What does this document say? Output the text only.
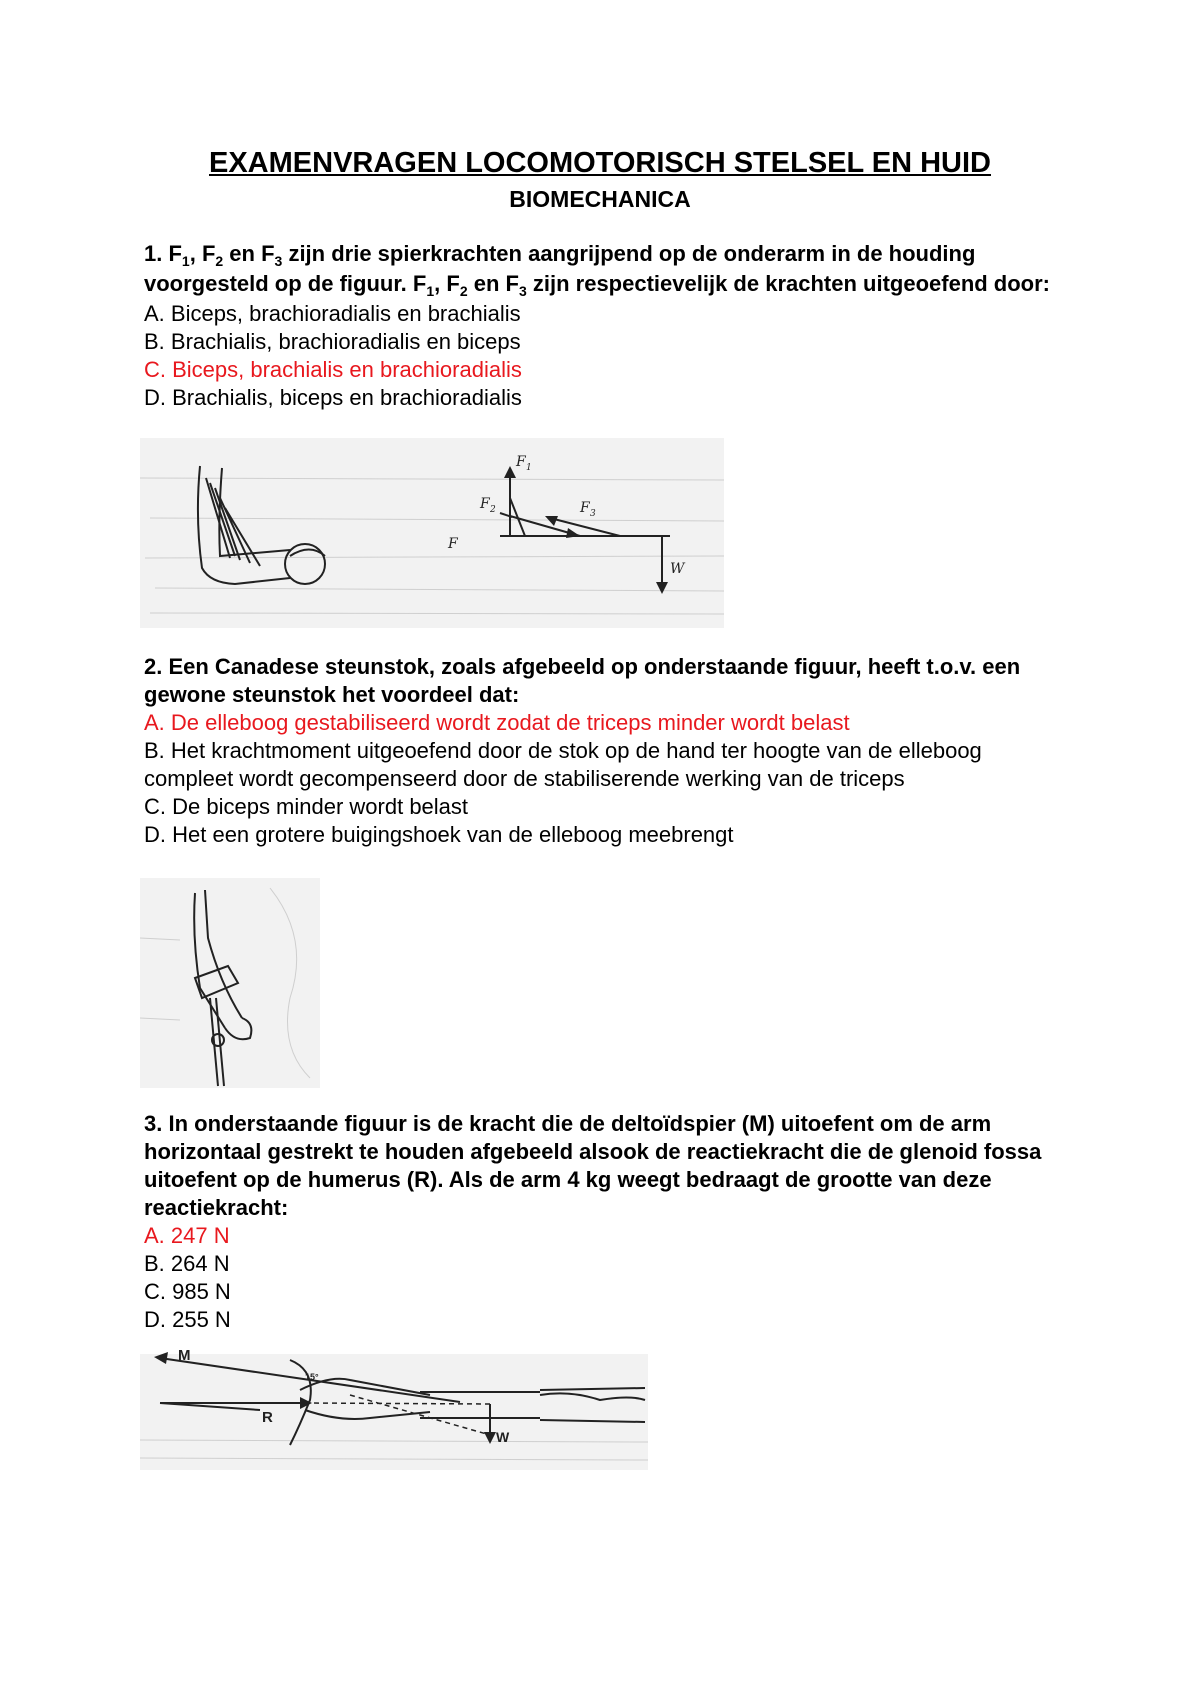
EXAMENVRAGEN LOCOMOTORISCH STELSEL EN HUID
BIOMECHANICA

1. $F_1$, $F_2$ en $F_3$ zijn drie spierkrachten aangrijpend op de onderarm in de houding voorgesteld op de figuur. $F_1$, $F_2$ en $F_3$ zijn respectievelijk de krachten uitgeoefend door:

A. Biceps, brachioradialis en brachialis

B. Brachialis, brachioradialis en biceps

C. Biceps, brachialis en brachioradialis

D. Brachialis, biceps en brachioradialis

F 1
F 2	F 3
F
W

2. Een Canadese steunstok, zoals afgebeeld op onderstaande figuur, heeft t.o.v. een gewone steunstok het voordeel dat:

A. De elleboog gestabiliseerd wordt zodat de triceps minder wordt belast

B. Het krachtmoment uitgeoefend door de stok op de hand ter hoogte van de elleboog compleet wordt gecompenseerd door de stabiliserende werking van de triceps

C. De biceps minder wordt belast

D. Het een grotere buigingshoek van de elleboog meebrengt

3. In onderstaande figuur is de kracht die de deltoïdspier (M) uitoefent om de arm horizontaal gestrekt te houden afgebeeld alsook de reactiekracht die de glenoid fossa uitoefent op de humerus (R). Als de arm 4 kg weegt bedraagt de grootte van deze reactiekracht:

A. 247 N

B. 264 N

C. 985 N

D. 255 N

M
R
W
15°
